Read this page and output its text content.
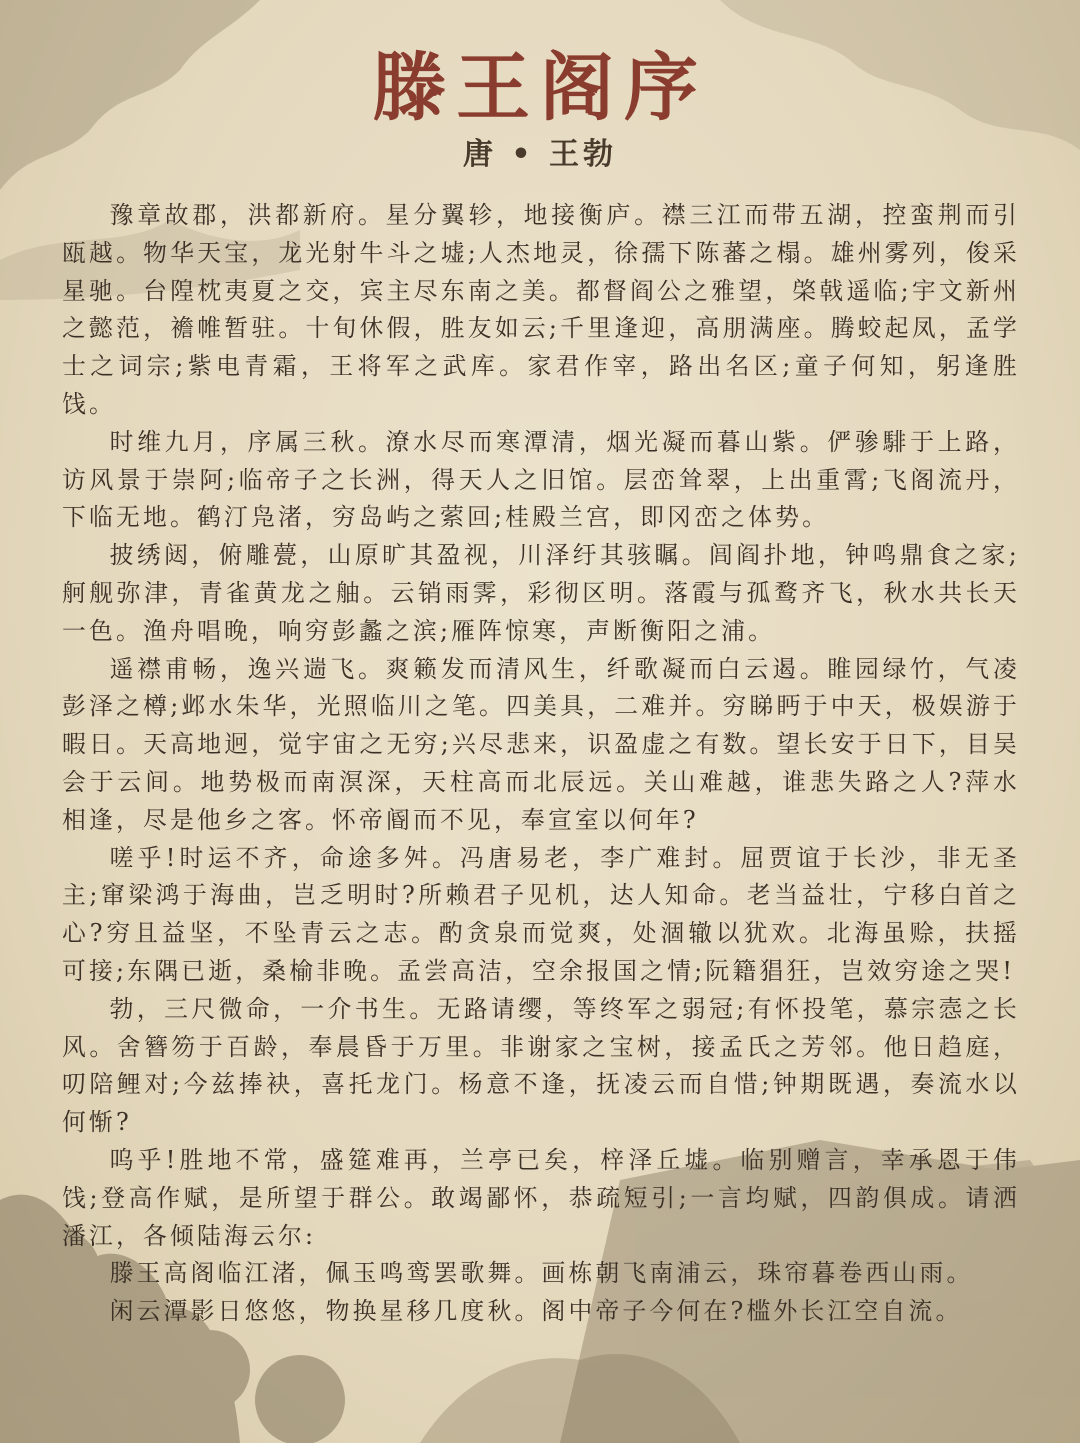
滕王阁序
唐 • 王勃

豫章故郡，洪都新府。星分翼轸，地接衡庐。襟三江而带五湖，控蛮荆而引瓯越。物华天宝，龙光射牛斗之墟;人杰地灵，徐孺下陈蕃之榻。雄州雾列，俊采星驰。台隍枕夷夏之交，宾主尽东南之美。都督阎公之雅望，棨戟遥临;宇文新州之懿范，襜帷暂驻。十旬休假，胜友如云;千里逢迎，高朋满座。腾蛟起凤，孟学士之词宗;紫电青霜，王将军之武库。家君作宰，路出名区;童子何知，躬逢胜饯。

时维九月，序属三秋。潦水尽而寒潭清，烟光凝而暮山紫。俨骖騑于上路，访风景于崇阿;临帝子之长洲，得天人之旧馆。层峦耸翠，上出重霄;飞阁流丹，下临无地。鹤汀凫渚，穷岛屿之萦回;桂殿兰宫，即冈峦之体势。

披绣闼，俯雕甍，山原旷其盈视，川泽纡其骇瞩。闾阎扑地，钟鸣鼎食之家;舸舰弥津，青雀黄龙之舳。云销雨霁，彩彻区明。落霞与孤鹜齐飞，秋水共长天一色。渔舟唱晚，响穷彭蠡之滨;雁阵惊寒，声断衡阳之浦。

遥襟甫畅，逸兴遄飞。爽籁发而清风生，纤歌凝而白云遏。睢园绿竹，气凌彭泽之樽;邺水朱华，光照临川之笔。四美具，二难并。穷睇眄于中天，极娱游于暇日。天高地迥，觉宇宙之无穷;兴尽悲来，识盈虚之有数。望长安于日下，目吴会于云间。地势极而南溟深，天柱高而北辰远。关山难越，谁悲失路之人?萍水相逢，尽是他乡之客。怀帝阍而不见，奉宣室以何年?

嗟乎!时运不齐，命途多舛。冯唐易老，李广难封。屈贾谊于长沙，非无圣主;窜梁鸿于海曲，岂乏明时?所赖君子见机，达人知命。老当益壮，宁移白首之心?穷且益坚，不坠青云之志。酌贪泉而觉爽，处涸辙以犹欢。北海虽赊，扶摇可接;东隅已逝，桑榆非晚。孟尝高洁，空余报国之情;阮籍猖狂，岂效穷途之哭!

勃，三尺微命，一介书生。无路请缨，等终军之弱冠;有怀投笔，慕宗悫之长风。舍簪笏于百龄，奉晨昏于万里。非谢家之宝树，接孟氏之芳邻。他日趋庭，叨陪鲤对;今兹捧袂，喜托龙门。杨意不逢，抚凌云而自惜;钟期既遇，奏流水以何惭?

呜乎!胜地不常，盛筵难再，兰亭已矣，梓泽丘墟。临别赠言，幸承恩于伟饯;登高作赋，是所望于群公。敢竭鄙怀，恭疏短引;一言均赋，四韵俱成。请洒潘江，各倾陆海云尔:

滕王高阁临江渚，佩玉鸣鸾罢歌舞。画栋朝飞南浦云，珠帘暮卷西山雨。

闲云潭影日悠悠，物换星移几度秋。阁中帝子今何在?槛外长江空自流。
